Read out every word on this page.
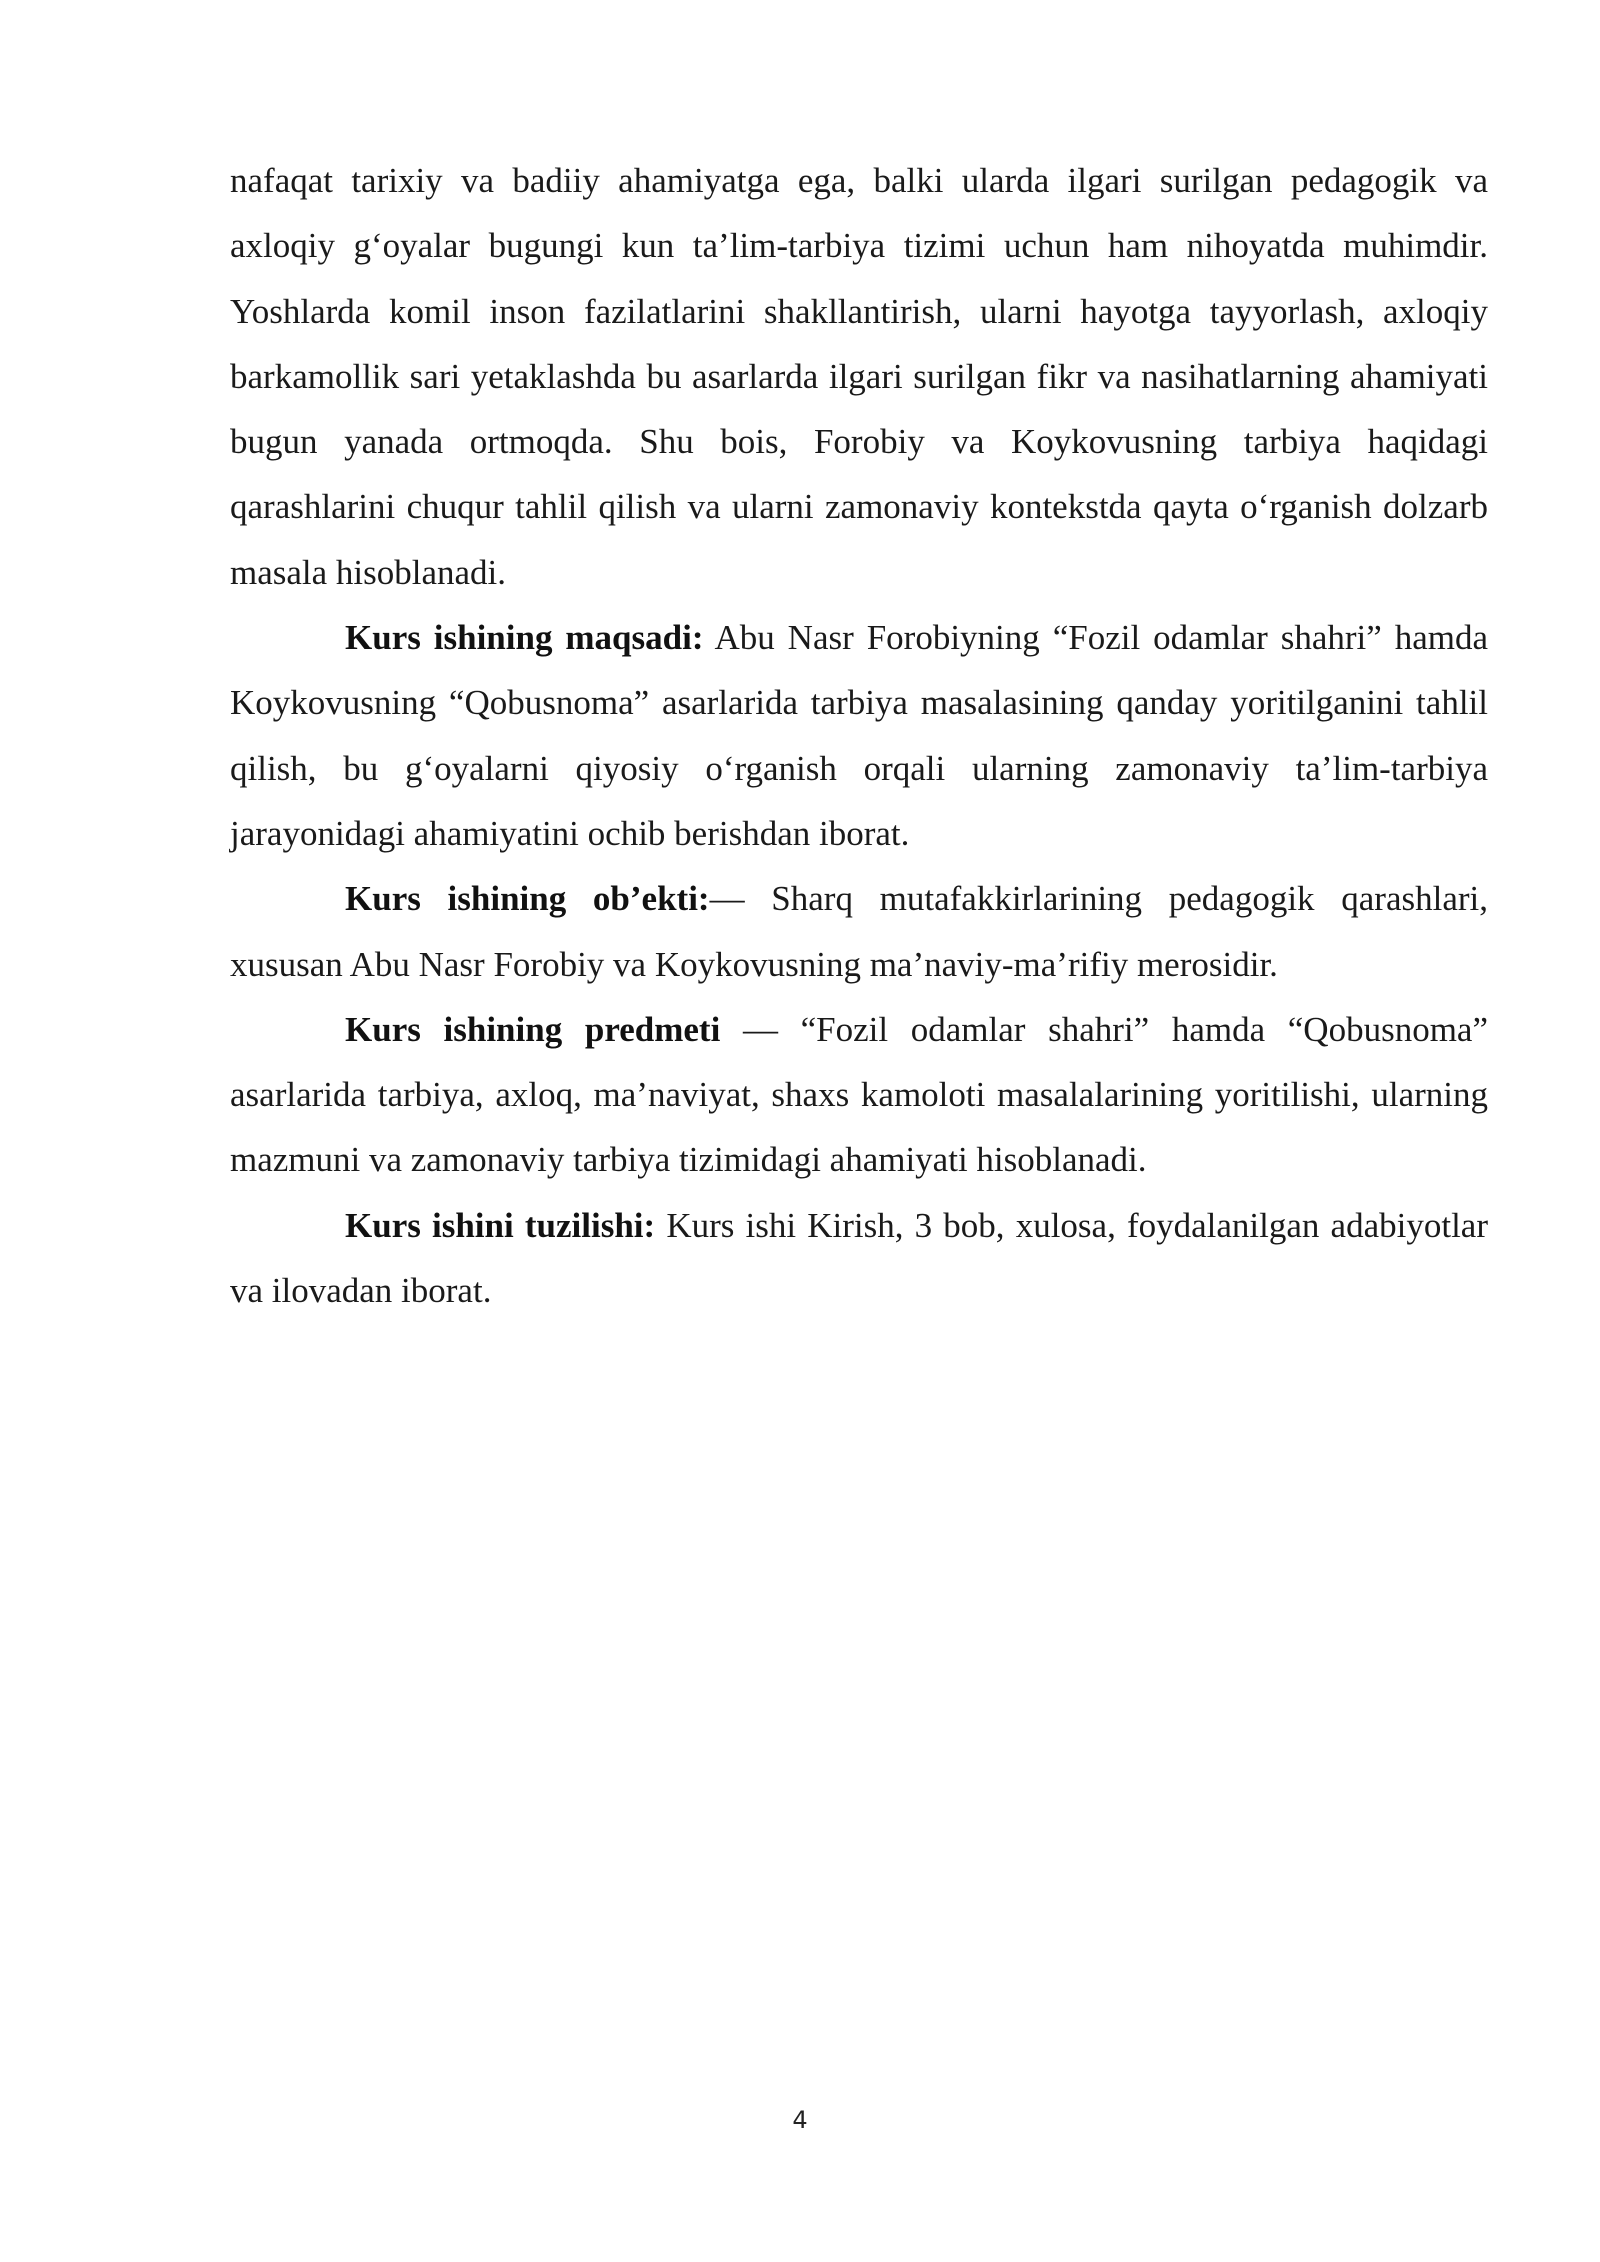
nafaqat tarixiy va badiiy ahamiyatga ega, balki ularda ilgari surilgan pedagogik va axloqiy g‘oyalar bugungi kun ta’lim-tarbiya tizimi uchun ham nihoyatda muhimdir. Yoshlarda komil inson fazilatlarini shakllantirish, ularni hayotga tayyorlash, axloqiy barkamollik sari yetaklashda bu asarlarda ilgari surilgan fikr va nasihatlarning ahamiyati bugun yanada ortmoqda. Shu bois, Forobiy va Koykovusning tarbiya haqidagi qarashlarini chuqur tahlil qilish va ularni zamonaviy kontekstda qayta o‘rganish dolzarb masala hisoblanadi.

Kurs ishining maqsadi: Abu Nasr Forobiyning “Fozil odamlar shahri” hamda Koykovusning “Qobusnoma” asarlarida tarbiya masalasining qanday yoritilganini tahlil qilish, bu g‘oyalarni qiyosiy o‘rganish orqali ularning zamonaviy ta’lim-tarbiya jarayonidagi ahamiyatini ochib berishdan iborat.

Kurs ishining ob’ekti:— Sharq mutafakkirlarining pedagogik qarashlari, xususan Abu Nasr Forobiy va Koykovusning ma’naviy-ma’rifiy merosidir.

Kurs ishining predmeti — “Fozil odamlar shahri” hamda “Qobusnoma” asarlarida tarbiya, axloq, ma’naviyat, shaxs kamoloti masalalarining yoritilishi, ularning mazmuni va zamonaviy tarbiya tizimidagi ahamiyati hisoblanadi.

Kurs ishini tuzilishi: Kurs ishi Kirish, 3 bob, xulosa, foydalanilgan adabiyotlar va ilovadan iborat.

4
